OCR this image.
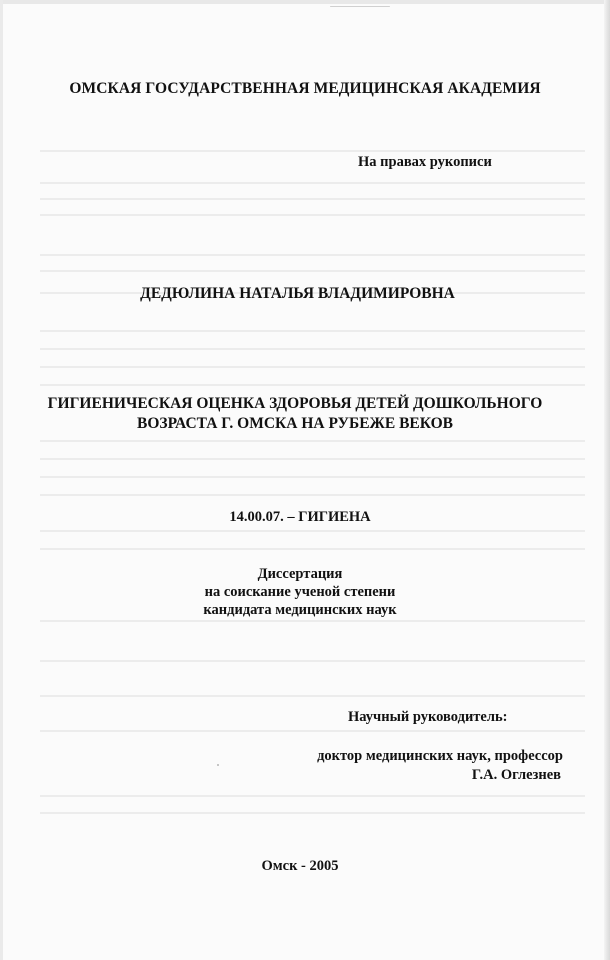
ОМСКАЯ ГОСУДАРСТВЕННАЯ МЕДИЦИНСКАЯ АКАДЕМИЯ

На правах рукописи

ДЕДЮЛИНА НАТАЛЬЯ ВЛАДИМИРОВНА

ГИГИЕНИЧЕСКАЯ ОЦЕНКА ЗДОРОВЬЯ ДЕТЕЙ ДОШКОЛЬНОГО

ВОЗРАСТА Г. ОМСКА НА РУБЕЖЕ ВЕКОВ

14.00.07. – ГИГИЕНА

Диссертация

на соискание ученой степени

кандидата медицинских наук

Научный руководитель:

доктор медицинских наук, профессор

Г.А. Оглезнев

Омск - 2005
